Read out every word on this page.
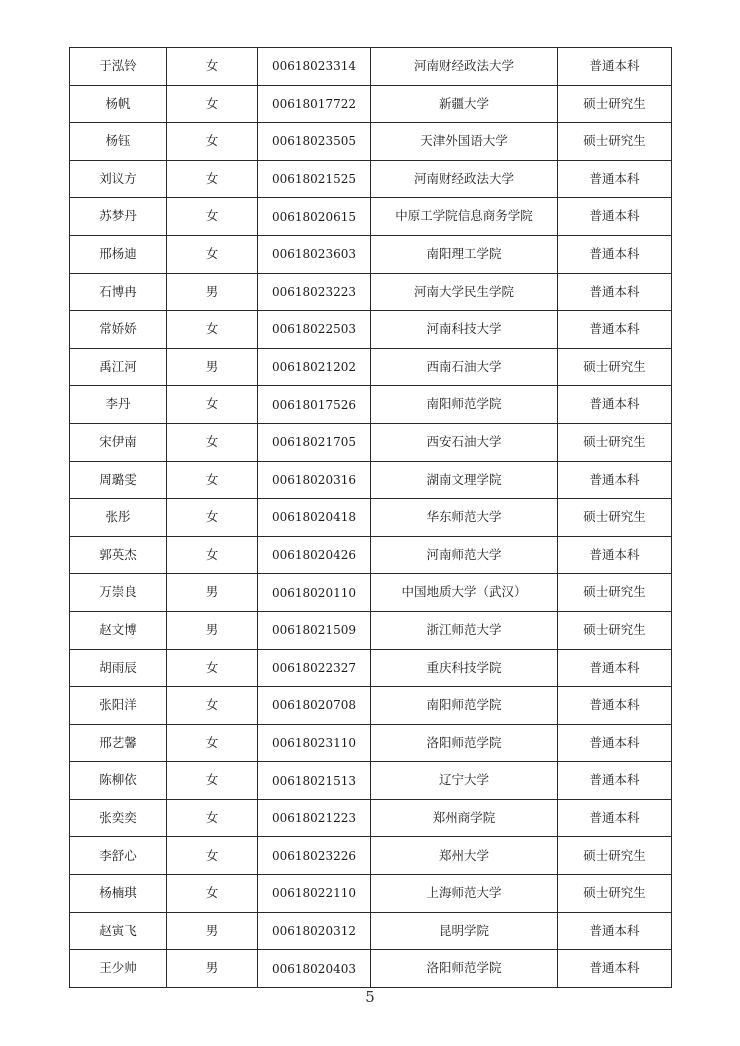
于泓铃	女	00618023314	河南财经政法大学	普通本科
杨帆	女	00618017722	新疆大学	硕士研究生
杨钰	女	00618023505	天津外国语大学	硕士研究生
刘议方	女	00618021525	河南财经政法大学	普通本科
苏梦丹	女	00618020615	中原工学院信息商务学院	普通本科
邢杨迪	女	00618023603	南阳理工学院	普通本科
石博冉	男	00618023223	河南大学民生学院	普通本科
常娇娇	女	00618022503	河南科技大学	普通本科
禹江河	男	00618021202	西南石油大学	硕士研究生
李丹	女	00618017526	南阳师范学院	普通本科
宋伊南	女	00618021705	西安石油大学	硕士研究生
周璐雯	女	00618020316	湖南文理学院	普通本科
张彤	女	00618020418	华东师范大学	硕士研究生
郭英杰	女	00618020426	河南师范大学	普通本科
万崇良	男	00618020110	中国地质大学（武汉）	硕士研究生
赵文博	男	00618021509	浙江师范大学	硕士研究生
胡雨辰	女	00618022327	重庆科技学院	普通本科
张阳洋	女	00618020708	南阳师范学院	普通本科
邢艺馨	女	00618023110	洛阳师范学院	普通本科
陈柳依	女	00618021513	辽宁大学	普通本科
张奕奕	女	00618021223	郑州商学院	普通本科
李舒心	女	00618023226	郑州大学	硕士研究生
杨楠琪	女	00618022110	上海师范大学	硕士研究生
赵寅飞	男	00618020312	昆明学院	普通本科
王少帅	男	00618020403	洛阳师范学院	普通本科
5
